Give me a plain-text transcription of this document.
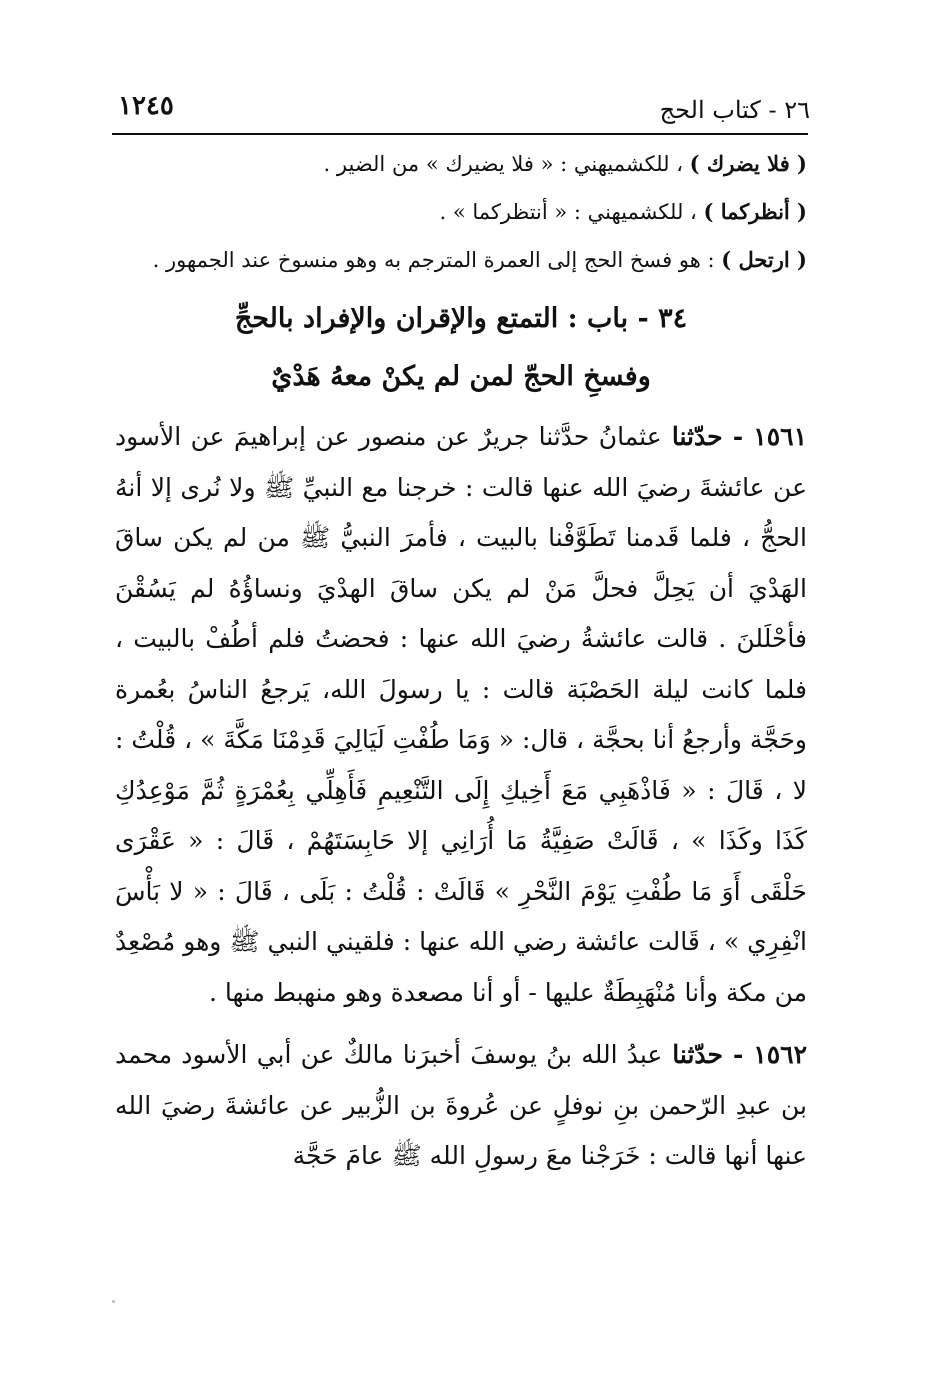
٢٦ - كتاب الحج
١٢٤٥

( فلا يضرك ) ، للكشميهني : « فلا يضيرك » من الضير .

( أنظركما ) ، للكشميهني : « أنتظركما » .

( ارتحل ) : هو فسخ الحج إلى العمرة المترجم به وهو منسوخ عند الجمهور .

٣٤ - باب : التمتع والإقران والإفراد بالحجِّ
وفسخِ الحجّ لمن لم يكنْ معهُ هَدْيٌ

١٥٦١ - حدّثنا عثمانُ حدَّثنا جريرٌ عن منصور عن إبراهيمَ عن الأسود عن عائشةَ رضيَ الله عنها قالت : خرجنا مع النبيِّ ﷺ ولا نُرى إلا أنهُ الحجُّ ، فلما قَدمنا تَطَوَّفْنا بالبيت ، فأمرَ النبيُّ ﷺ من لم يكن ساقَ الهَدْيَ أن يَحِلَّ فحلَّ مَنْ لم يكن ساقَ الهدْيَ ونساؤُهُ لم يَسُقْنَ فأحْلَلنَ . قالت عائشةُ رضيَ الله عنها : فحضتُ فلم أطُفْ بالبيت ، فلما كانت ليلة الحَصْبَة قالت : يا رسولَ الله، يَرجعُ الناسُ بعُمرة وحَجَّة وأرجعُ أنا بحجَّة ، قال: « وَمَا طُفْتِ لَيَالِيَ قَدِمْنَا مَكَّةَ » ، قُلْتُ : لا ، قَالَ : « فَاذْهَبِي مَعَ أَخِيكِ إِلَى التَّنْعِيمِ فَأَهِلِّي بِعُمْرَةٍ ثُمَّ مَوْعِدُكِ كَذَا وكَذَا » ، قَالَتْ صَفِيَّةُ مَا أُرَانِي إلا حَابِسَتَهُمْ ، قَالَ : « عَقْرَى حَلْقَى أَوَ مَا طُفْتِ يَوْمَ النَّحْرِ » قَالَتْ : قُلْتُ : بَلَى ، قَالَ : « لا بَأْسَ انْفِرِي » ، قَالت عائشة رضي الله عنها : فلقيني النبي ﷺ وهو مُصْعِدٌ من مكة وأنا مُنْهَبِطَةٌ عليها - أو أنا مصعدة وهو منهبط منها .

١٥٦٢ - حدّثنا عبدُ الله بنُ يوسفَ أخبرَنا مالكٌ عن أبي الأسود محمد بن عبدِ الرّحمن بنِ نوفلٍ عن عُروةَ بن الزُّبير عن عائشةَ رضيَ الله عنها أنها قالت : خَرَجْنا معَ رسولِ الله ﷺ عامَ حَجَّة
